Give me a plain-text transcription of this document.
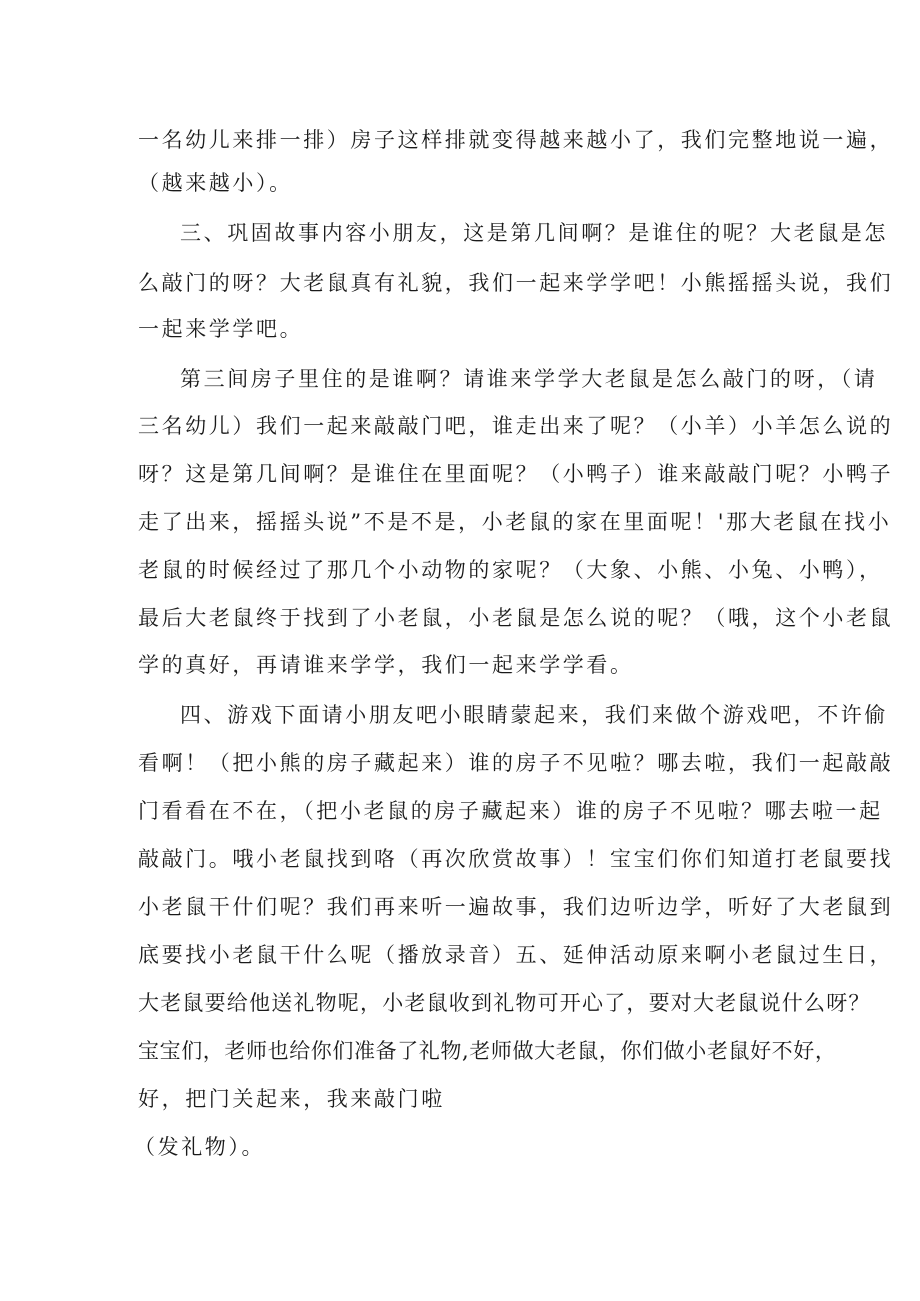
一名幼儿来排一排）房子这样排就变得越来越小了，我们完整地说一遍，
（越来越小）。
三、巩固故事内容小朋友，这是第几间啊？是谁住的呢？大老鼠是怎
么敲门的呀？大老鼠真有礼貌，我们一起来学学吧！小熊摇摇头说，我们
一起来学学吧。
第三间房子里住的是谁啊？请谁来学学大老鼠是怎么敲门的呀，（请
三名幼儿）我们一起来敲敲门吧，谁走出来了呢？（小羊）小羊怎么说的
呀？这是第几间啊？是谁住在里面呢？（小鸭子）谁来敲敲门呢？小鸭子
走了出来，摇摇头说”不是不是，小老鼠的家在里面呢！'那大老鼠在找小
老鼠的时候经过了那几个小动物的家呢？（大象、小熊、小兔、小鸭），
最后大老鼠终于找到了小老鼠，小老鼠是怎么说的呢？（哦，这个小老鼠
学的真好，再请谁来学学，我们一起来学学看。
四、游戏下面请小朋友吧小眼睛蒙起来，我们来做个游戏吧，不许偷
看啊！（把小熊的房子藏起来）谁的房子不见啦？哪去啦，我们一起敲敲
门看看在不在，（把小老鼠的房子藏起来）谁的房子不见啦？哪去啦一起
敲敲门。哦小老鼠找到咯（再次欣赏故事）！宝宝们你们知道打老鼠要找
小老鼠干什们呢？我们再来听一遍故事，我们边听边学，听好了大老鼠到
底要找小老鼠干什么呢（播放录音）五、延伸活动原来啊小老鼠过生日，
大老鼠要给他送礼物呢，小老鼠收到礼物可开心了，要对大老鼠说什么呀？
宝宝们，老师也给你们准备了礼物,老师做大老鼠，你们做小老鼠好不好，
好，把门关起来，我来敲门啦
（发礼物）。
